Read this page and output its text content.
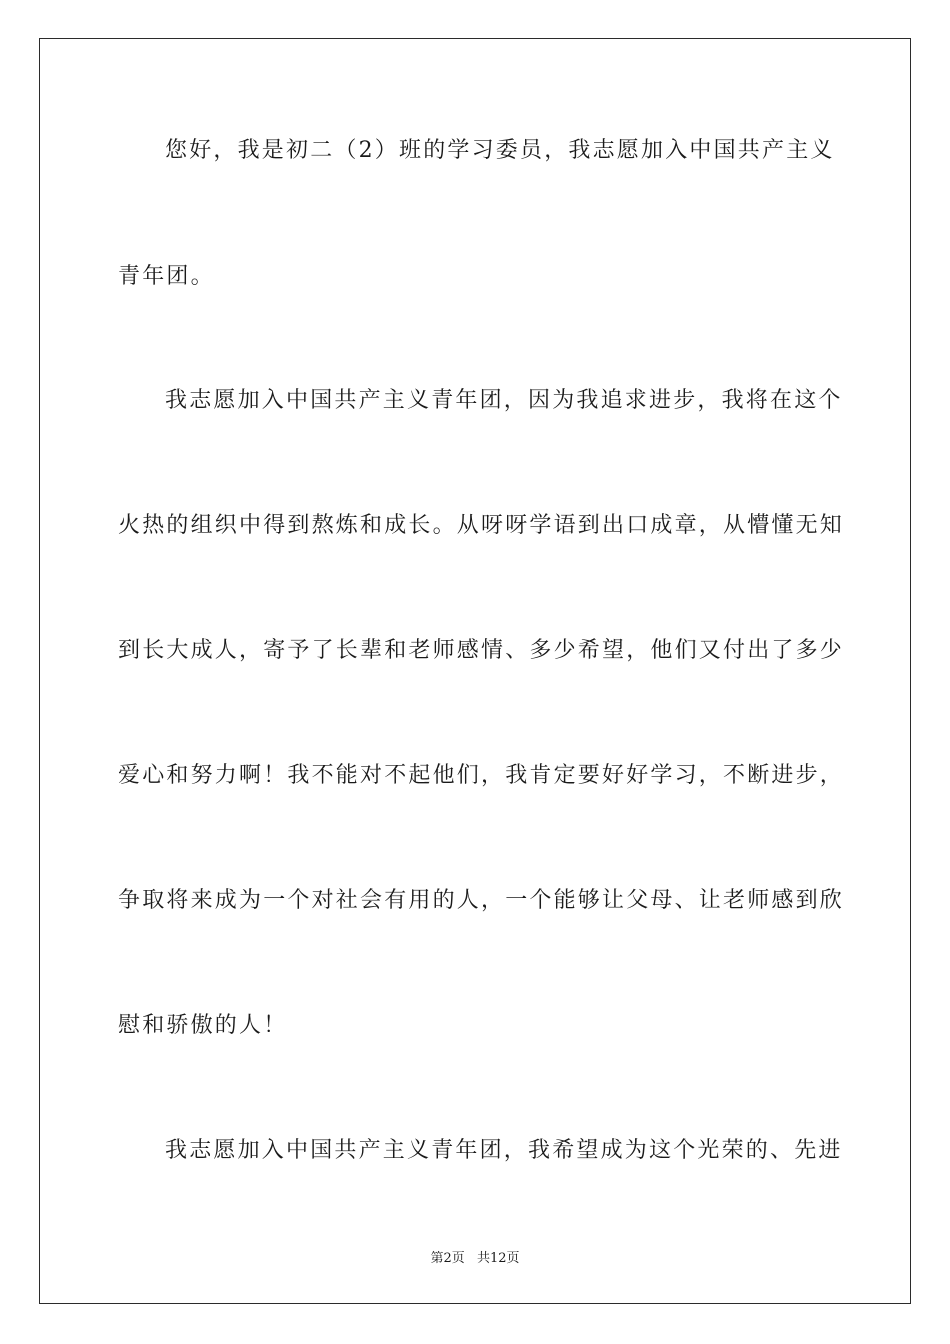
您好，我是初二（2）班的学习委员，我志愿加入中国共产主义
青年团。
我志愿加入中国共产主义青年团，因为我追求进步，我将在这个
火热的组织中得到熬炼和成长。从呀呀学语到出口成章，从懵懂无知
到长大成人，寄予了长辈和老师感情、多少希望，他们又付出了多少
爱心和努力啊！我不能对不起他们，我肯定要好好学习，不断进步，
争取将来成为一个对社会有用的人，一个能够让父母、让老师感到欣
慰和骄傲的人！
我志愿加入中国共产主义青年团，我希望成为这个光荣的、先进
第2页 共12页
